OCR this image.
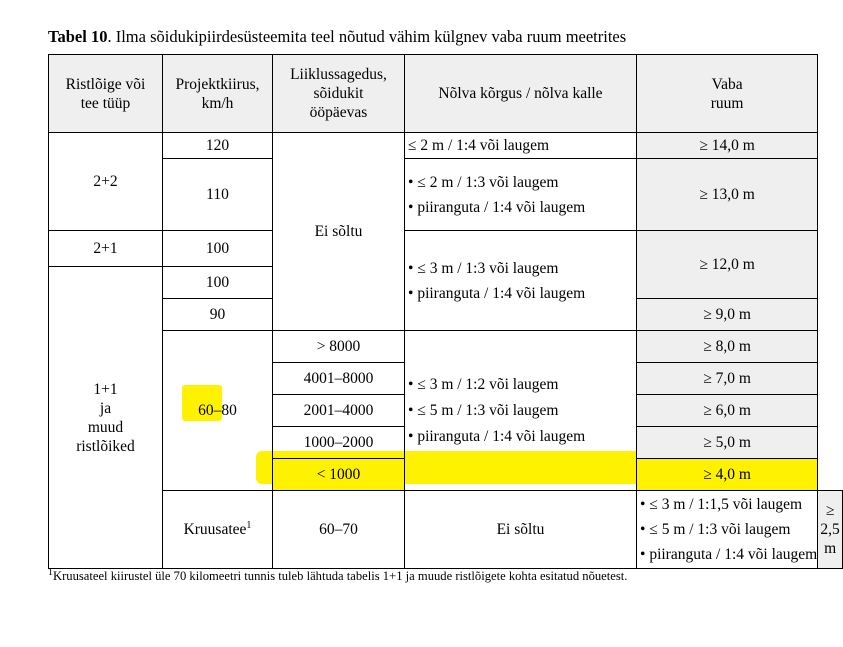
Tabel 10. Ilma sõidukipiirdesüsteemita teel nõutud vähim külgnev vaba ruum meetrites
Ristlõige või
tee tüüp	Projektkiirus,
km/h	Liiklussagedus,
sõidukit
ööpäevas	Nõlva kõrgus / nõlva kalle	Vaba
ruum	

2+2	120	Ei sõltu	≤ 2 m / 1:4 või laugem	≥ 14,0 m	
	110		• ≤ 2 m / 1:3 või laugem
• piiranguta / 1:4 või laugem	≥ 13,0 m	

2+1	100		• ≤ 3 m / 1:3 või laugem
• piiranguta / 1:4 või laugem	≥ 12,0 m	

1+1
ja
muud
ristlõiked	100				
	90			≥ 9,0 m	
	60–80	> 8000	• ≤ 3 m / 1:2 või laugem
• ≤ 5 m / 1:3 või laugem
• piiranguta / 1:4 või laugem	≥ 8,0 m	
		4001–8000		≥ 7,0 m	
		2001–4000		≥ 6,0 m	
		1000–2000		≥ 5,0 m	
		< 1000		≥ 4,0 m	
	Kruusatee$^1$	60–70	Ei sõltu	• ≤ 3 m / 1:1,5 või laugem
• ≤ 5 m / 1:3 või laugem
• piiranguta / 1:4 või laugem	≥ 2,5 m
$^1$Kruusateel kiirustel üle 70 kilomeetri tunnis tuleb lähtuda tabelis 1+1 ja muude ristlõigete kohta esitatud nõuetest.
